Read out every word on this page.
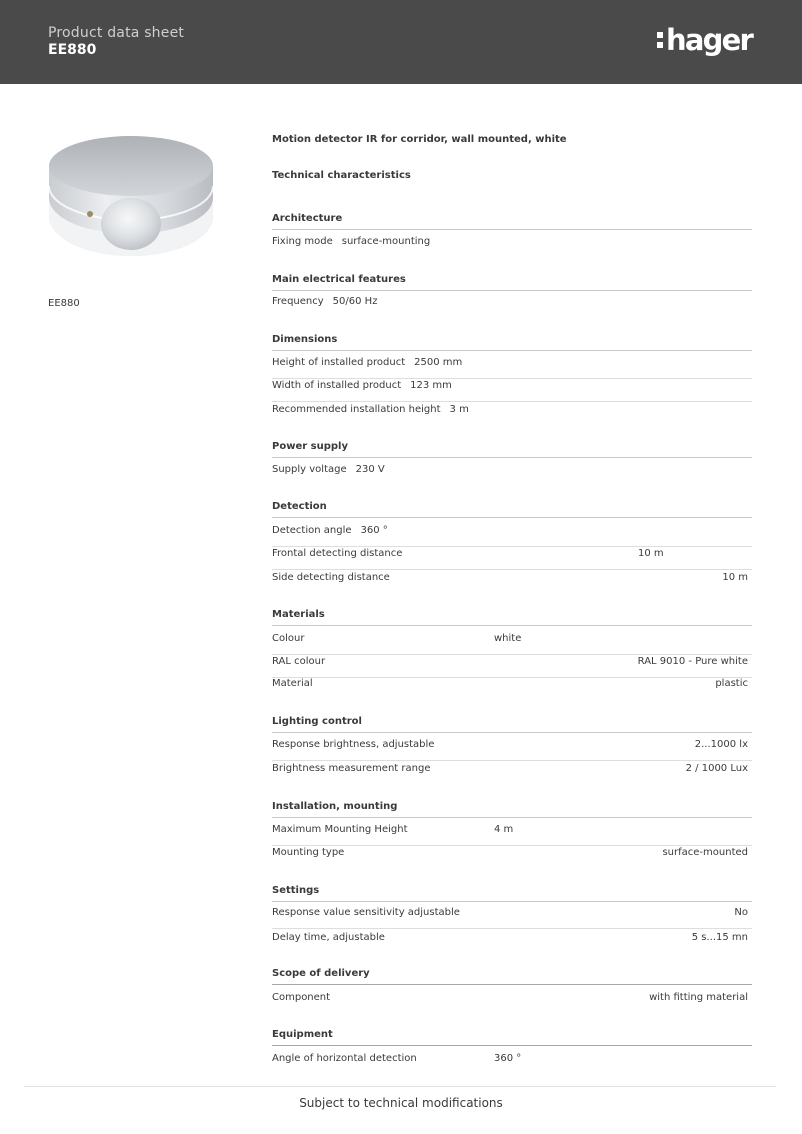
Product data sheet
EE880	hager
EE880
Motion detector IR for corridor, wall mounted, white
Technical characteristics
Architecture
Fixing mode surface-mounting
Main electrical features
Frequency 50/60 Hz
Dimensions
Height of installed product 2500 mm
Width of installed product 123 mm
Recommended installation height 3 m
Power supply
Supply voltage 230 V
Detection
Detection angle 360 °
Frontal detecting distance	10 m
Side detecting distance	10 m
Materials
Colour	white
RAL colour	RAL 9010 - Pure white
Material	plastic
Lighting control
Response brightness, adjustable	2...1000 lx
Brightness measurement range	2 / 1000 Lux
Installation, mounting
Maximum Mounting Height	4 m
Mounting type	surface-mounted
Settings
Response value sensitivity adjustable	No
Delay time, adjustable	5 s...15 mn
Scope of delivery
Component	with fitting material
Equipment
Angle of horizontal detection	360 °
Subject to technical modifications
